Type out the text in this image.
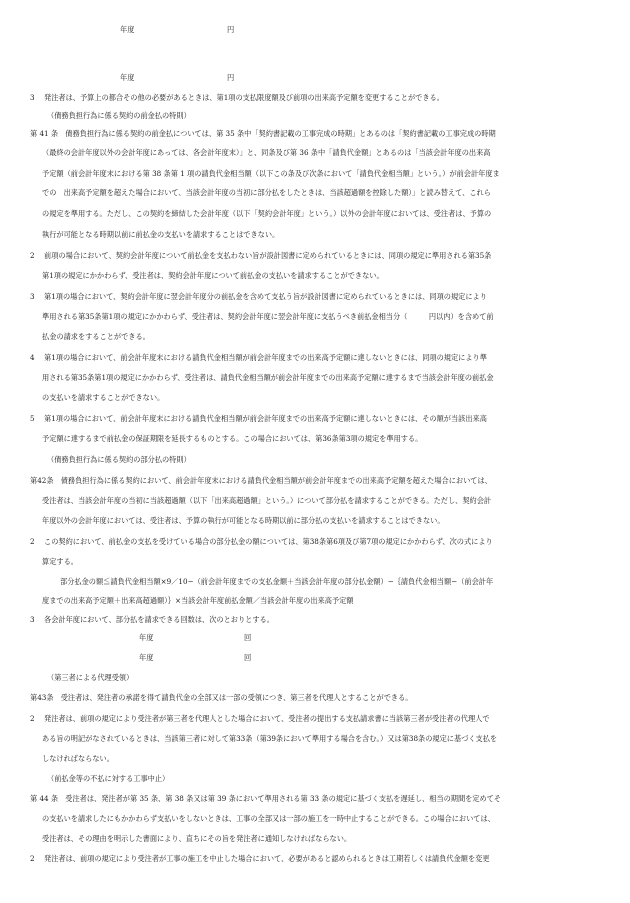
年度	円
年度	円
3　 発注者は、予算上の都合その他の必要があるときは、第1項の支払限度額及び前項の出来高予定額を変更することができる。
（債務負担行為に係る契約の前金払の特則）
第 41 条　債務負担行為に係る契約の前金払については、第 35 条中「契約書記載の工事完成の時期」とあるのは「契約書記載の工事完成の時期
（最終の会計年度以外の会計年度にあっては、各会計年度末）」と、同条及び第 36 条中「請負代金額」とあるのは「当該会計年度の出来高
予定額（前会計年度末における第 38 条第 1 項の請負代金相当額（以下この条及び次条において「請負代金相当額」という。）が前会計年度ま
での　出来高予定額を超えた場合において、当該会計年度の当初に部分払をしたときは、当該超過額を控除した額）」と読み替えて、これら
の規定を準用する。ただし、この契約を締結した会計年度（以下「契約会計年度」という。）以外の会計年度においては、受注者は、予算の
執行が可能となる時期以前に前払金の支払いを請求することはできない。
2　 前項の場合において、契約会計年度について前払金を支払わない旨が設計図書に定められているときには、同項の規定に準用される第35条
第1項の規定にかかわらず、受注者は、契約会計年度について前払金の支払いを請求することができない。
3　 第1項の場合において、契約会計年度に翌会計年度分の前払金を含めて支払う旨が設計図書に定められているときには、同項の規定により
準用される第35条第1項の規定にかかわらず、受注者は、契約会計年度に翌会計年度に支払うべき前払金相当分（　　　円以内）を含めて前
払金の請求をすることができる。
4　 第1項の場合において、前会計年度末における請負代金相当額が前会計年度までの出来高予定額に達しないときには、同項の規定により準
用される第35条第1項の規定にかかわらず、受注者は、請負代金相当額が前会計年度までの出来高予定額に達するまで当該会計年度の前払金
の支払いを請求することができない。
5　 第1項の場合において、前会計年度末における請負代金相当額が前会計年度までの出来高予定額に達しないときには、その額が当該出来高
予定額に達するまで前払金の保証期限を延長するものとする。この場合においては、第36条第3項の規定を準用する。
（債務負担行為に係る契約の部分払の特則）
第42条　債務負担行為に係る契約において、前会計年度末における請負代金相当額が前会計年度までの出来高予定額を超えた場合においては、
受注者は、当該会計年度の当初に当該超過額（以下「出来高超過額」という。）について部分払を請求することができる。ただし、契約会計
年度以外の会計年度においては、受注者は、予算の執行が可能となる時期以前に部分払の支払いを請求することはできない。
2　 この契約において、前払金の支払を受けている場合の部分払金の額については、第38条第6項及び第7項の規定にかかわらず、次の式により
算定する。
部分払金の額≦請負代金相当額×9／10−（前会計年度までの支払金額＋当該会計年度の部分払金額）−｛請負代金相当額−（前会計年
度までの出来高予定額＋出来高超過額）｝×当該会計年度前払金額／当該会計年度の出来高予定額
3　 各会計年度において、部分払を請求できる回数は、次のとおりとする。
年度	回
年度	回
（第三者による代理受領）
第43条　受注者は、発注者の承諾を得て請負代金の全部又は一部の受領につき、第三者を代理人とすることができる。
2　 発注者は、前項の規定により受注者が第三者を代理人とした場合において、受注者の提出する支払請求書に当該第三者が受注者の代理人で
ある旨の明記がなされているときは、当該第三者に対して第33条（第39条において準用する場合を含む。）又は第38条の規定に基づく支払を
しなければならない。
（前払金等の不払に対する工事中止）
第 44 条　受注者は、発注者が第 35 条、第 38 条又は第 39 条において準用される第 33 条の規定に基づく支払を遅延し、相当の期間を定めてそ
の支払いを請求したにもかかわらず支払いをしないときは、工事の全部又は一部の施工を一時中止することができる。この場合においては、
受注者は、その理由を明示した書面により、直ちにその旨を発注者に通知しなければならない。
2　 発注者は、前項の規定により受注者が工事の施工を中止した場合において、必要があると認められるときは工期若しくは請負代金額を変更
